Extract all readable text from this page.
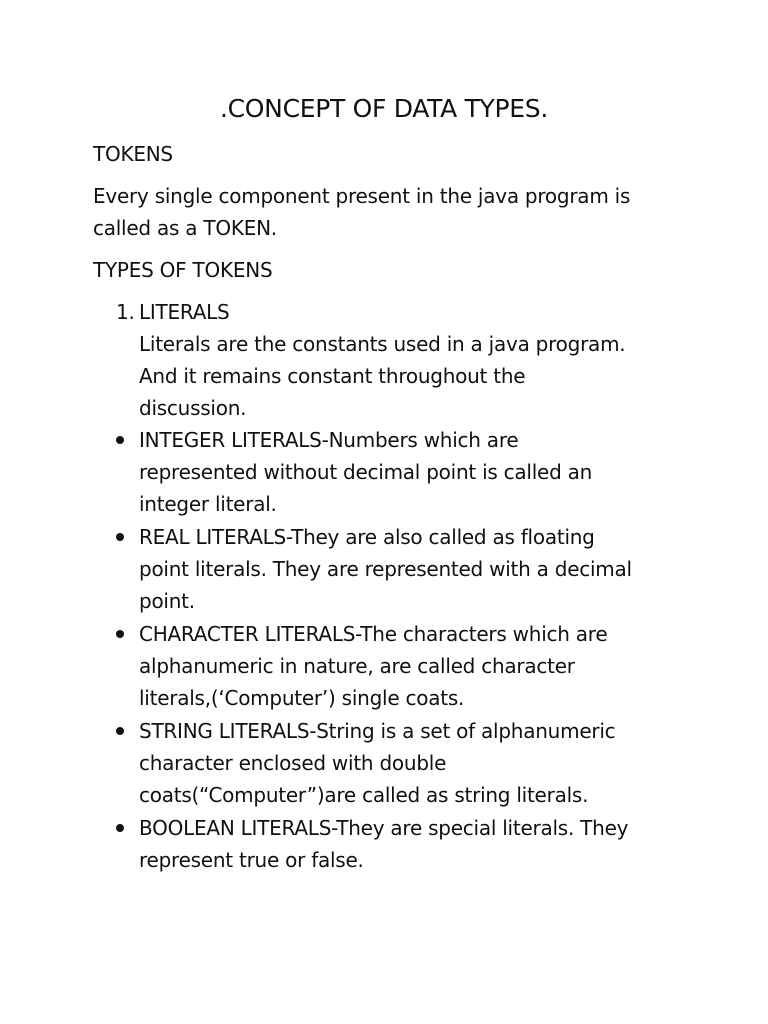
.CONCEPT OF DATA TYPES.
TOKENS
Every single component present in the java program is
called as a TOKEN.
TYPES OF TOKENS
1. LITERALS
Literals are the constants used in a java program.
And it remains constant throughout the
discussion.
INTEGER LITERALS-Numbers which are
represented without decimal point is called an
integer literal.
REAL LITERALS-They are also called as floating
point literals. They are represented with a decimal
point.
CHARACTER LITERALS-The characters which are
alphanumeric in nature, are called character
literals,(‘Computer’) single coats.
STRING LITERALS-String is a set of alphanumeric
character enclosed with double
coats(“Computer”)are called as string literals.
BOOLEAN LITERALS-They are special literals. They
represent true or false.
